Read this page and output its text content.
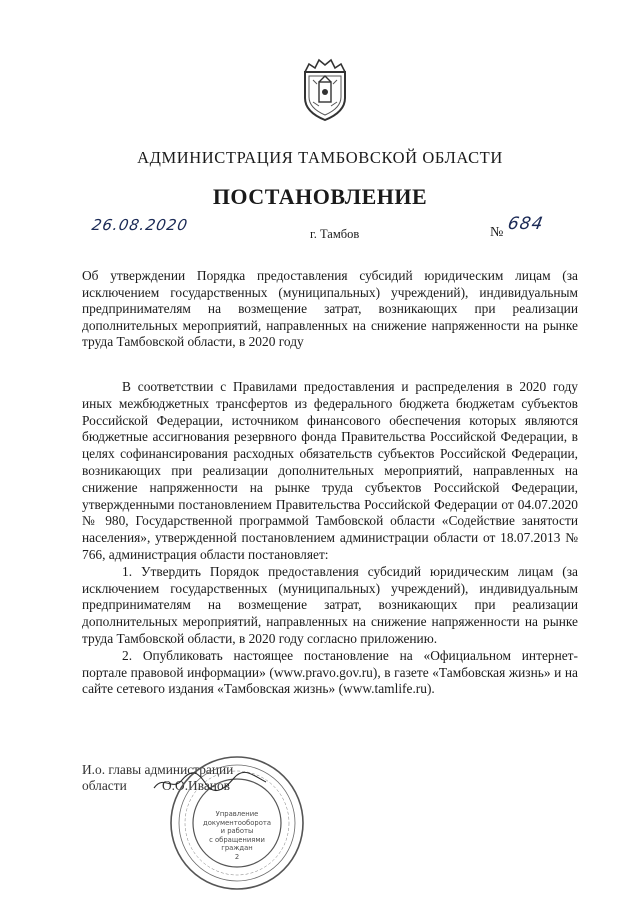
АДМИНИСТРАЦИЯ ТАМБОВСКОЙ ОБЛАСТИ
ПОСТАНОВЛЕНИЕ
26.08.2020	г. Тамбов	№ 684
Об утверждении Порядка предоставления субсидий юридическим лицам (за исключением государственных (муниципальных) учреждений), индивидуальным предпринимателям на возмещение затрат, возникающих при реализации дополнительных мероприятий, направленных на снижение напряженности на рынке труда Тамбовской области, в 2020 году

В соответствии с Правилами предоставления и распределения в 2020 году иных межбюджетных трансфертов из федерального бюджета бюджетам субъектов Российской Федерации, источником финансового обеспечения которых являются бюджетные ассигнования резервного фонда Правительства Российской Федерации, в целях софинансирования расходных обязательств субъектов Российской Федерации, возникающих при реализации дополнительных мероприятий, направленных на снижение напряженности на рынке труда субъектов Российской Федерации, утвержденными постановлением Правительства Российской Федерации от 04.07.2020 № 980, Государственной программой Тамбовской области «Содействие занятости населения», утвержденной постановлением администрации области от 18.07.2013 № 766, администрация области постановляет:

1. Утвердить Порядок предоставления субсидий юридическим лицам (за исключением государственных (муниципальных) учреждений), индивидуальным предпринимателям на возмещение затрат, возникающих при реализации дополнительных мероприятий, направленных на снижение напряженности на рынке труда Тамбовской области, в 2020 году согласно приложению.

2. Опубликовать настоящее постановление на «Официальном интернет-портале правовой информации» (www.pravo.gov.ru), в газете «Тамбовская жизнь» и на сайте сетевого издания «Тамбовская жизнь» (www.tamlife.ru).

И.о. главы администрации
области	О.О.Иванов
Управление
документооборота
и работы
с обращениями
граждан
2
